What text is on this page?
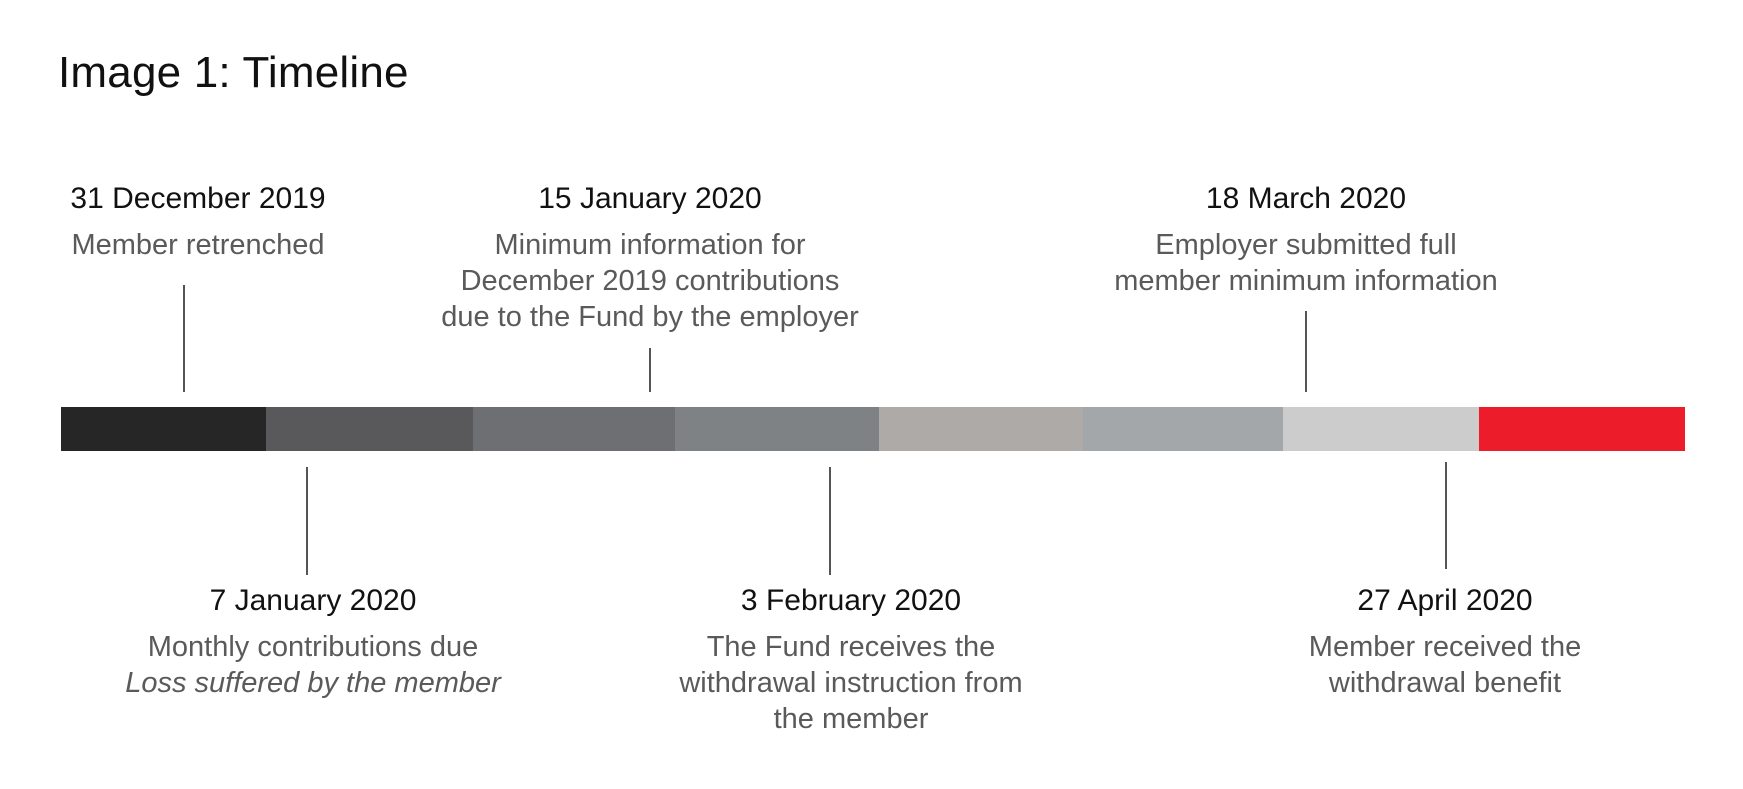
Image 1: Timeline
31 December 2019
Member retrenched
15 January 2020
Minimum information for
December 2019 contributions
due to the Fund by the employer
18 March 2020
Employer submitted full
member minimum information
7 January 2020
Monthly contributions due
Loss suffered by the member
3 February 2020
The Fund receives the
withdrawal instruction from
the member
27 April 2020
Member received the
withdrawal benefit
